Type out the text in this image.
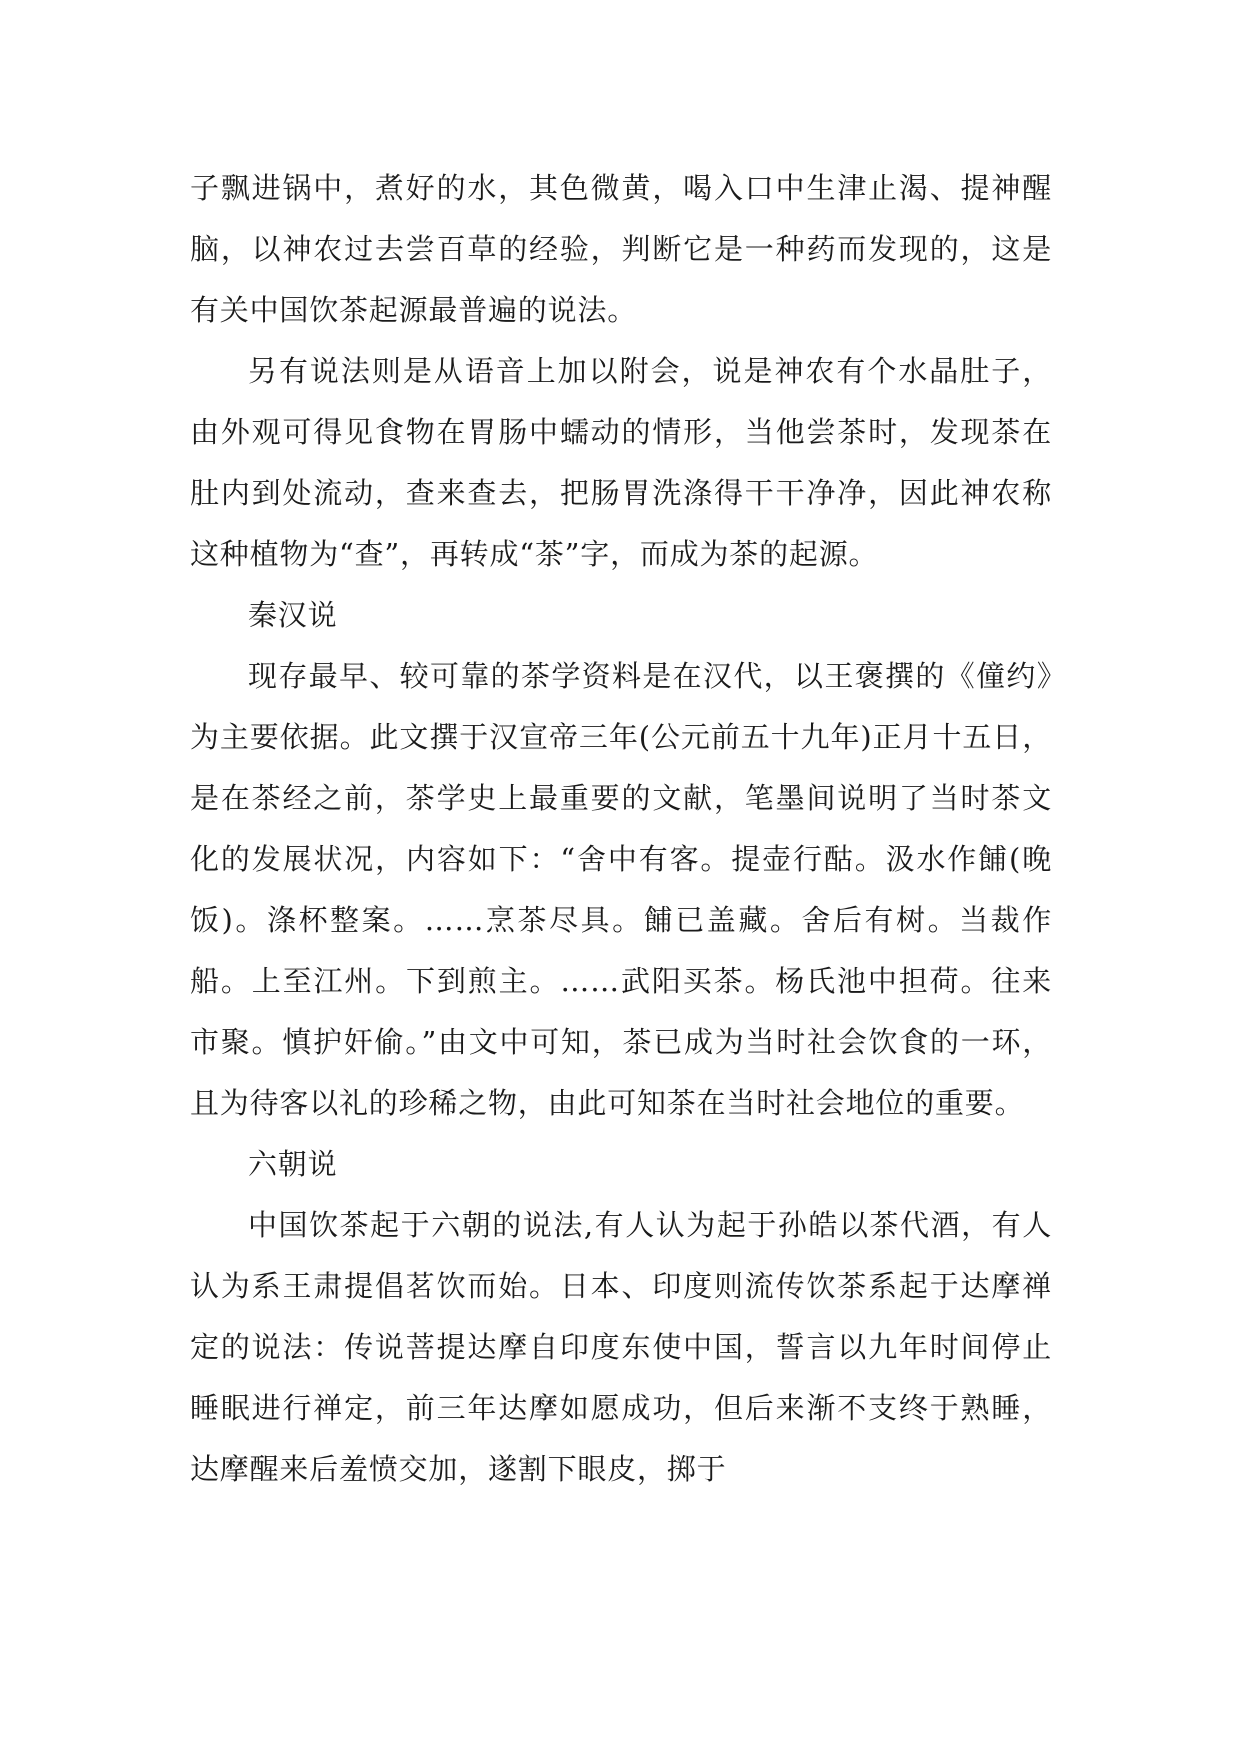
子飘进锅中，煮好的水，其色微黄，喝入口中生津止渴、提神醒脑，以神农过去尝百草的经验，判断它是一种药而发现的，这是有关中国饮茶起源最普遍的说法。

另有说法则是从语音上加以附会，说是神农有个水晶肚子，由外观可得见食物在胃肠中蠕动的情形，当他尝茶时，发现茶在肚内到处流动，查来查去，把肠胃洗涤得干干净净，因此神农称这种植物为“查”，再转成“茶”字，而成为茶的起源。

秦汉说

现存最早、较可靠的茶学资料是在汉代，以王褒撰的《僮约》为主要依据。此文撰于汉宣帝三年(公元前五十九年)正月十五日，是在茶经之前，茶学史上最重要的文献，笔墨间说明了当时茶文化的发展状况，内容如下：“舍中有客。提壶行酤。汲水作餔(晚饭)。涤杯整案。……烹茶尽具。餔已盖藏。舍后有树。当裁作船。上至江州。下到煎主。……武阳买茶。杨氏池中担荷。往来市聚。慎护奸偷。”由文中可知，茶已成为当时社会饮食的一环，且为待客以礼的珍稀之物，由此可知茶在当时社会地位的重要。

六朝说

中国饮茶起于六朝的说法,有人认为起于孙皓以茶代酒，有人认为系王肃提倡茗饮而始。日本、印度则流传饮茶系起于达摩禅定的说法：传说菩提达摩自印度东使中国，誓言以九年时间停止睡眠进行禅定，前三年达摩如愿成功，但后来渐不支终于熟睡，达摩醒来后羞愤交加，遂割下眼皮，掷于
